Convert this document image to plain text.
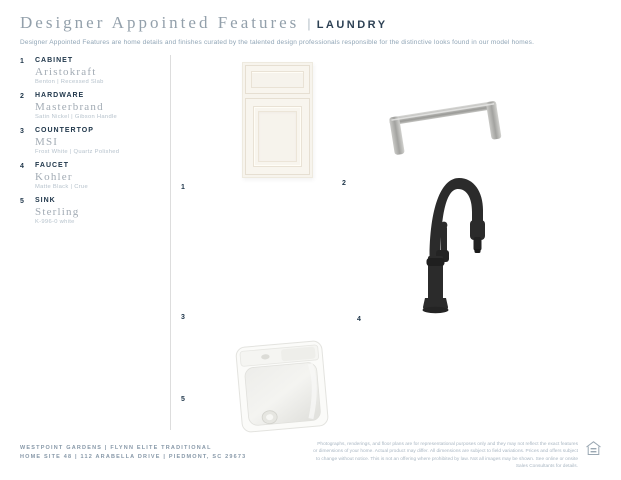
Designer Appointed Features | LAUNDRY
Designer Appointed Features are home details and finishes curated by the talented design professionals responsible for the distinctive looks found in our model homes.
1	CABINET
Aristokraft
Benton | Recessed Slab
2	HARDWARE
Masterbrand
Satin Nickel | Gibson Handle
3	COUNTERTOP
MSI
Frost White | Quartz Polished
4	FAUCET
Kohler
Matte Black | Crue
5	SINK
Sterling
K-996-0 white
1
2
3	4
5
WESTPOINT GARDENS | FLYNN ELITE TRADITIONAL
HOME SITE 48 | 112 ARABELLA DRIVE | PIEDMONT, SC 29673
Photographs, renderings, and floor plans are for representational purposes only and they may not reflect the exact features or dimensions of your home. Actual product may differ. All dimensions are subject to field variations. Prices and offers subject to change without notice. This is not an offering where prohibited by law. Not all images may be shown. See online or onsite Sales Consultants for details.
